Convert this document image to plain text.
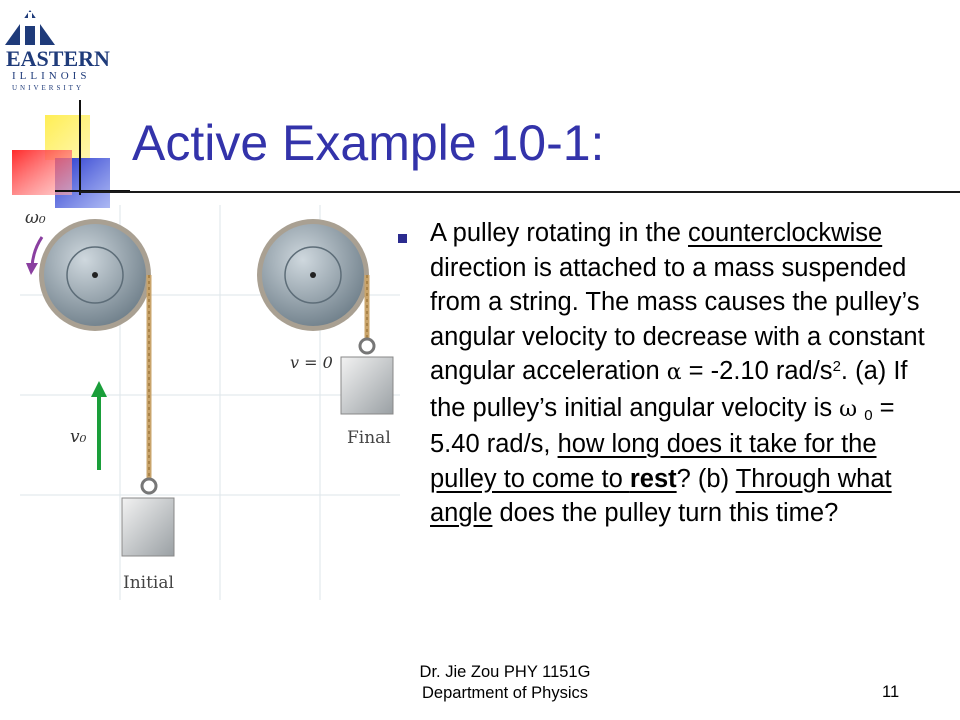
EASTERN
ILLINOIS
UNIVERSITY
Active Example 10-1:
ω₀
v₀
Initial
v = 0
Final
A pulley rotating in the counterclockwise direction is attached to a mass suspended from a string. The mass causes the pulley’s angular velocity to decrease with a constant angular acceleration α = -2.10 rad/$s^2$. (a) If the pulley’s initial angular velocity is ω $_0$ = 5.40 rad/s, how long does it take for the pulley to come to rest? (b) Through what angle does the pulley turn this time?
Dr. Jie Zou PHY 1151G
Department of Physics	11
